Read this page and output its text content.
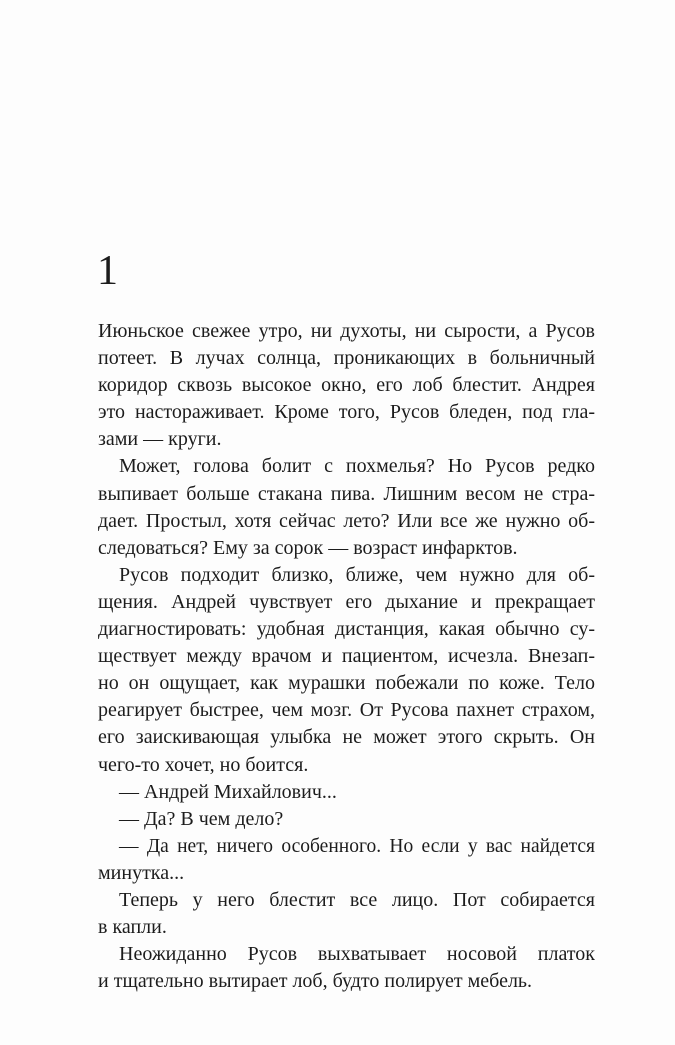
1
Июньское свежее утро, ни духоты, ни сырости, а Русов
потеет. В лучах солнца, проникающих в больничный
коридор сквозь высокое окно, его лоб блестит. Андрея
это настораживает. Кроме того, Русов бледен, под гла-
зами — круги.
Может, голова болит с похмелья? Но Русов редко
выпивает больше стакана пива. Лишним весом не стра-
дает. Простыл, хотя сейчас лето? Или все же нужно об-
следоваться? Ему за сорок — возраст инфарктов.
Русов подходит близко, ближе, чем нужно для об-
щения. Андрей чувствует его дыхание и прекращает
диагностировать: удобная дистанция, какая обычно су-
ществует между врачом и пациентом, исчезла. Внезап-
но он ощущает, как мурашки побежали по коже. Тело
реагирует быстрее, чем мозг. От Русова пахнет страхом,
его заискивающая улыбка не может этого скрыть. Он
чего-то хочет, но боится.
— Андрей Михайлович...
— Да? В чем дело?
— Да нет, ничего особенного. Но если у вас найдется
минутка...
Теперь у него блестит все лицо. Пот собирается
в капли.
Неожиданно Русов выхватывает носовой платок
и тщательно вытирает лоб, будто полирует мебель.
